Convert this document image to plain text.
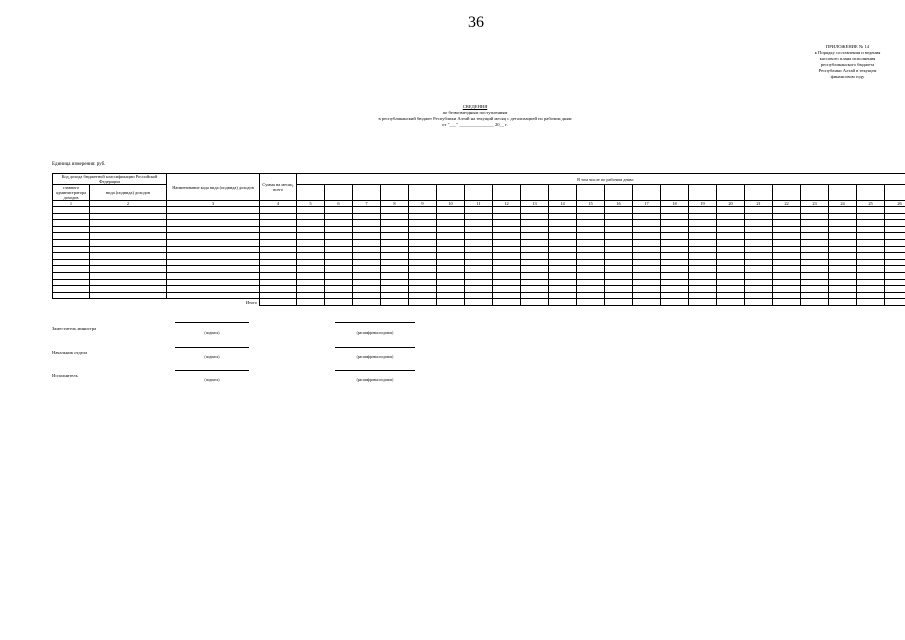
36
ПРИЛОЖЕНИЕ № 14
к Порядку составления и ведения
кассового плана исполнения
республиканского бюджета
Республики Алтай в текущем
финансовом году
СВЕДЕНИЯ
по безвозмездным поступлениям
в республиканский бюджет Республики Алтай на текущий месяц с детализацией по рабочим дням
от "___" _______________ 20__ г.
Единица измерения: руб.
Код дохода бюджетной классификации Российской Федерации		Наименование кода вида (подвида) доходов	Сумма на месяц, всего	В том числе по рабочим дням:																					
главного администратора доходов	вида (подвида) доходов																								
1	2	3	4	5	6	7	8	9	10	11	12	13	14	15	16	17	18	19	20	21	22	23	24	25	26

Итого																									
Заместитель министра
(подпись)	(расшифровка подписи)
Начальник отдела
(подпись)	(расшифровка подписи)
Исполнитель
(подпись)	(расшифровка подписи)
